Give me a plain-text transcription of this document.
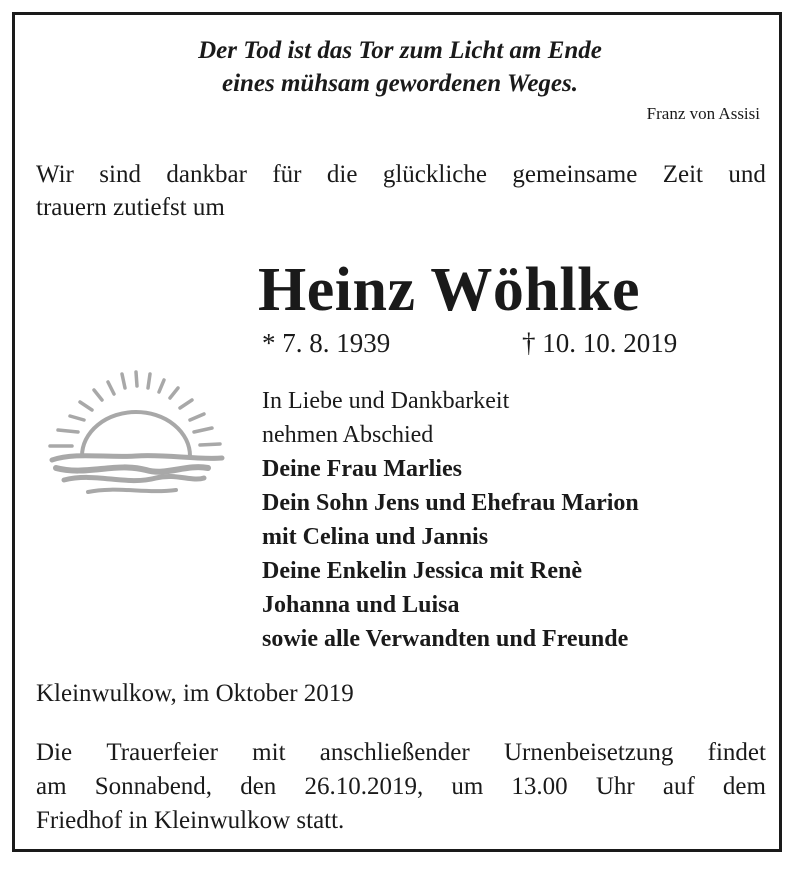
Der Tod ist das Tor zum Licht am Ende
eines mühsam gewordenen Weges.
Franz von Assisi
Wir sind dankbar für die glückliche gemeinsame Zeit und
trauern zutiefst um
Heinz Wöhlke
* 7. 8. 1939	† 10. 10. 2019
In Liebe und Dankbarkeit
nehmen Abschied
Deine Frau Marlies
Dein Sohn Jens und Ehefrau Marion
mit Celina und Jannis
Deine Enkelin Jessica mit Renè
Johanna und Luisa
sowie alle Verwandten und Freunde
Kleinwulkow, im Oktober 2019
Die Trauerfeier mit anschließender Urnenbeisetzung findet
am Sonnabend, den 26.10.2019, um 13.00 Uhr auf dem
Friedhof in Kleinwulkow statt.
